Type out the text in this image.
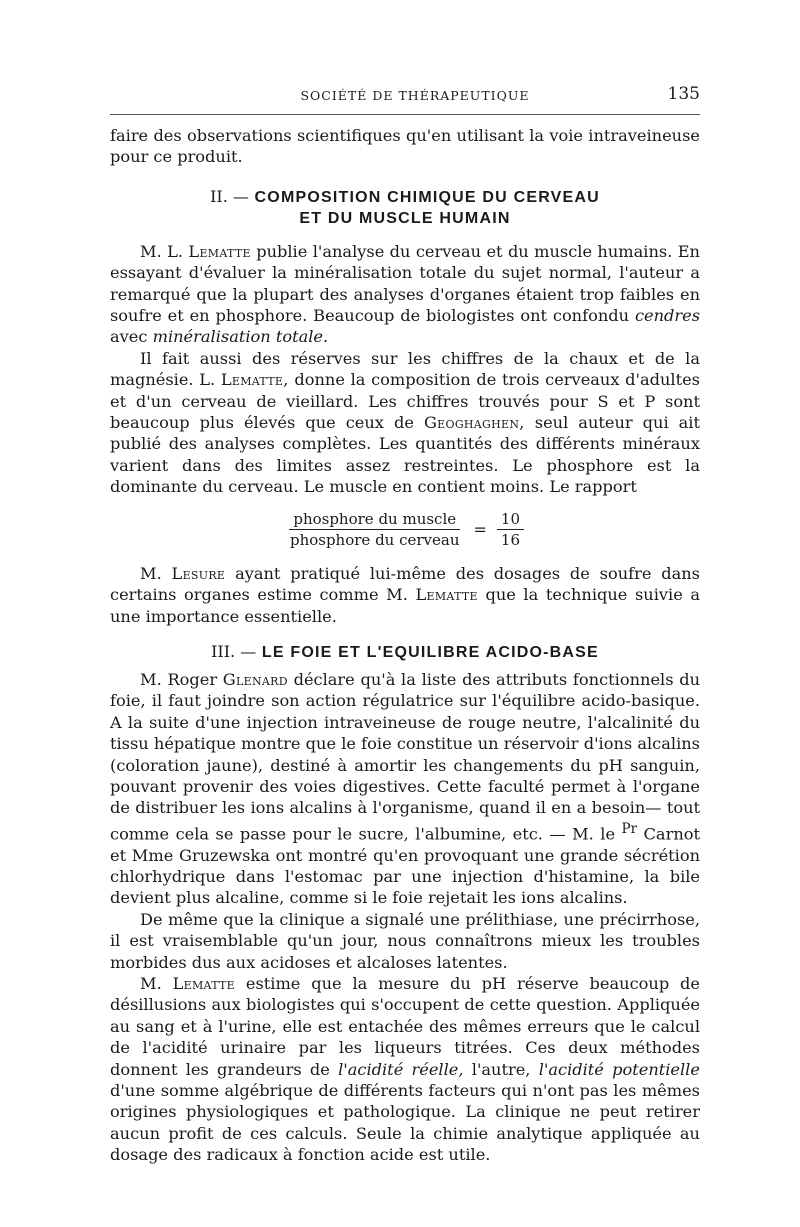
SOCIÉTÉ DE THÉRAPEUTIQUE	135

faire des observations scientifiques qu'en utilisant la voie intraveineuse pour ce produit.

II. — COMPOSITION CHIMIQUE DU CERVEAU
ET DU MUSCLE HUMAIN

M. L. Lematte publie l'analyse du cerveau et du muscle humains. En essayant d'évaluer la minéralisation totale du sujet normal, l'auteur a remarqué que la plupart des analyses d'organes étaient trop faibles en soufre et en phosphore. Beaucoup de biologistes ont confondu cendres avec minéralisation totale.

Il fait aussi des réserves sur les chiffres de la chaux et de la magnésie. L. Lematte, donne la composition de trois cerveaux d'adultes et d'un cerveau de vieillard. Les chiffres trouvés pour S et P sont beaucoup plus élevés que ceux de Geoghaghen, seul auteur qui ait publié des analyses complètes. Les quantités des différents minéraux varient dans des limites assez restreintes. Le phosphore est la dominante du cerveau. Le muscle en contient moins. Le rapport

$\frac{\text{phosphore du muscle}}{\text{phosphore du cerveau}} = \frac{10}{16}$

M. Lesure ayant pratiqué lui-même des dosages de soufre dans certains organes estime comme M. Lematte que la technique suivie a une importance essentielle.

III. — LE FOIE ET L'EQUILIBRE ACIDO-BASE

M. Roger Glenard déclare qu'à la liste des attributs fonctionnels du foie, il faut joindre son action régulatrice sur l'équilibre acido-basique. A la suite d'une injection intraveineuse de rouge neutre, l'alcalinité du tissu hépatique montre que le foie constitue un réservoir d'ions alcalins (coloration jaune), destiné à amortir les changements du pH sanguin, pouvant provenir des voies digestives. Cette faculté permet à l'organe de distribuer les ions alcalins à l'organisme, quand il en a besoin— tout comme cela se passe pour le sucre, l'albumine, etc. — M. le $^{Pr}$ Carnot et Mme Gruzewska ont montré qu'en provoquant une grande sécrétion chlorhydrique dans l'estomac par une injection d'histamine, la bile devient plus alcaline, comme si le foie rejetait les ions alcalins.

De même que la clinique a signalé une prélithiase, une précirrhose, il est vraisemblable qu'un jour, nous connaîtrons mieux les troubles morbides dus aux acidoses et alcaloses latentes.

M. Lematte estime que la mesure du pH réserve beaucoup de désillusions aux biologistes qui s'occupent de cette question. Appliquée au sang et à l'urine, elle est entachée des mêmes erreurs que le calcul de l'acidité urinaire par les liqueurs titrées. Ces deux méthodes donnent les grandeurs de l'acidité réelle, l'autre, l'acidité potentielle d'une somme algébrique de différents facteurs qui n'ont pas les mêmes origines physiologiques et pathologique. La clinique ne peut retirer aucun profit de ces calculs. Seule la chimie analytique appliquée au dosage des radicaux à fonction acide est utile.
